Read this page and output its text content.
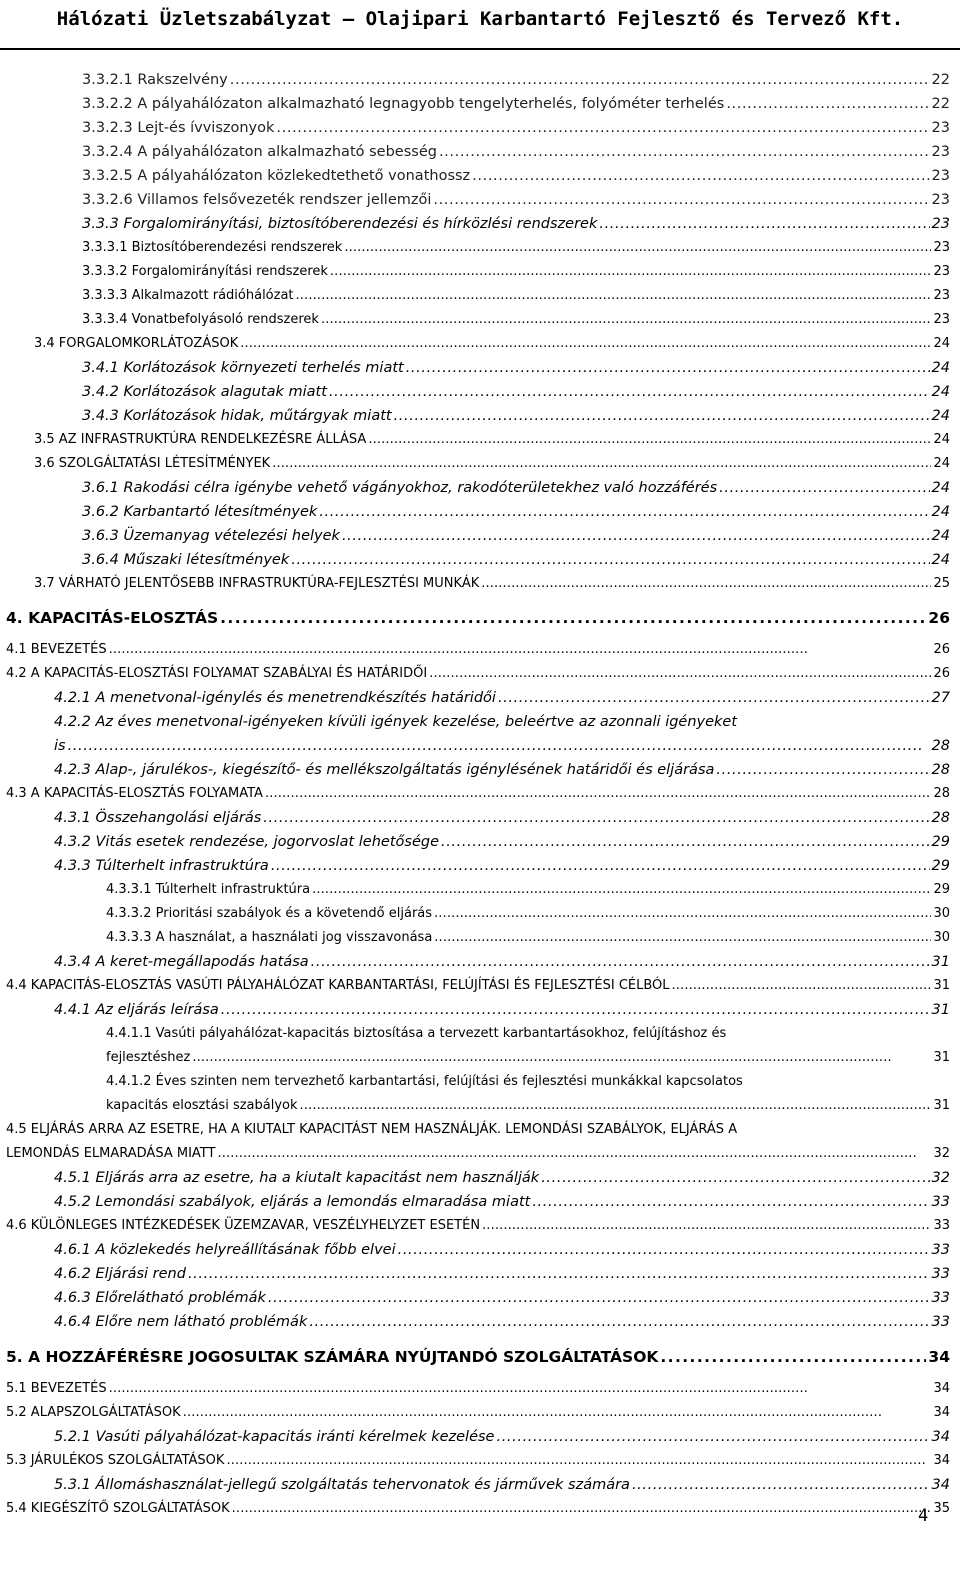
Hálózati Üzletszabályzat – Olajipari Karbantartó Fejlesztő és Tervező Kft.
3.3.2.1 Rakszelvény . . .	22
3.3.2.2 A pályahálózaton alkalmazható legnagyobb tengelyterhelés, folyóméter terhelés . . .	22
3.3.2.3 Lejt-és ívviszonyok . . .	23
3.3.2.4 A pályahálózaton alkalmazható sebesség . . .	23
3.3.2.5 A pályahálózaton közlekedtethető vonathossz . . .	23
3.3.2.6 Villamos felsővezeték rendszer jellemzői . . .	23
3.3.3 Forgalomirányítási, biztosítóberendezési és hírközlési rendszerek . . .	23
3.3.3.1 Biztosítóberendezési rendszerek . . .	23
3.3.3.2 Forgalomirányítási rendszerek . . .	23
3.3.3.3 Alkalmazott rádióhálózat . . .	23
3.3.3.4 Vonatbefolyásoló rendszerek . . .	23
3.4 FORGALOMKORLÁTOZÁSOK . . .	24
3.4.1 Korlátozások környezeti terhelés miatt . . .	24
3.4.2 Korlátozások alagutak miatt . . .	24
3.4.3 Korlátozások hidak, műtárgyak miatt . . .	24
3.5 AZ INFRASTRUKTÚRA RENDELKEZÉSRE ÁLLÁSA . . .	24
3.6 SZOLGÁLTATÁSI LÉTESÍTMÉNYEK . . .	24
3.6.1 Rakodási célra igénybe vehető vágányokhoz, rakodóterületekhez való hozzáférés . . .	24
3.6.2 Karbantartó létesítmények . . .	24
3.6.3 Üzemanyag vételezési helyek . . .	24
3.6.4 Műszaki létesítmények . . .	24
3.7 VÁRHATÓ JELENTŐSEBB INFRASTRUKTÚRA-FEJLESZTÉSI MUNKÁK . . .	25
4. KAPACITÁS-ELOSZTÁS . . .	26
4.1 BEVEZETÉS . . .	26
4.2 A KAPACITÁS-ELOSZTÁSI FOLYAMAT SZABÁLYAI ÉS HATÁRIDŐI . . .	26
4.2.1 A menetvonal-igénylés és menetrendkészítés határidői . . .	27
4.2.2 Az éves menetvonal-igényeken kívüli igények kezelése, beleértve az azonnali igényeket
is . . .	28
4.2.3 Alap-, járulékos-, kiegészítő- és mellékszolgáltatás igénylésének határidői és eljárása . . .	28
4.3 A KAPACITÁS-ELOSZTÁS FOLYAMATA . . .	28
4.3.1 Összehangolási eljárás . . .	28
4.3.2 Vitás esetek rendezése, jogorvoslat lehetősége . . .	29
4.3.3 Túlterhelt infrastruktúra . . .	29
4.3.3.1 Túlterhelt infrastruktúra . . .	29
4.3.3.2 Prioritási szabályok és a követendő eljárás . . .	30
4.3.3.3 A használat, a használati jog visszavonása . . .	30
4.3.4 A keret-megállapodás hatása . . .	31
4.4 KAPACITÁS-ELOSZTÁS VASÚTI PÁLYAHÁLÓZAT KARBANTARTÁSI, FELÚJÍTÁSI ÉS FEJLESZTÉSI CÉLBÓL . . .	31
4.4.1 Az eljárás leírása . . .	31
4.4.1.1 Vasúti pályahálózat-kapacitás biztosítása a tervezett karbantartásokhoz, felújításhoz és
fejlesztéshez . . .	31
4.4.1.2 Éves szinten nem tervezhető karbantartási, felújítási és fejlesztési munkákkal kapcsolatos
kapacitás elosztási szabályok . . .	31
4.5 ELJÁRÁS ARRA AZ ESETRE, HA A KIUTALT KAPACITÁST NEM HASZNÁLJÁK. LEMONDÁSI SZABÁLYOK, ELJÁRÁS A
LEMONDÁS ELMARADÁSA MIATT . . .	32
4.5.1 Eljárás arra az esetre, ha a kiutalt kapacitást nem használják . . .	32
4.5.2 Lemondási szabályok, eljárás a lemondás elmaradása miatt . . .	33
4.6 KÜLÖNLEGES INTÉZKEDÉSEK ÜZEMZAVAR, VESZÉLYHELYZET ESETÉN . . .	33
4.6.1 A közlekedés helyreállításának főbb elvei . . .	33
4.6.2 Eljárási rend . . .	33
4.6.3 Előrelátható problémák . . .	33
4.6.4 Előre nem látható problémák . . .	33
5. A HOZZÁFÉRÉSRE JOGOSULTAK SZÁMÁRA NYÚJTANDÓ SZOLGÁLTATÁSOK . . .	34
5.1 BEVEZETÉS . . .	34
5.2 ALAPSZOLGÁLTATÁSOK . . .	34
5.2.1 Vasúti pályahálózat-kapacitás iránti kérelmek kezelése . . .	34
5.3 JÁRULÉKOS SZOLGÁLTATÁSOK . . .	34
5.3.1 Állomáshasználat-jellegű szolgáltatás tehervonatok és járművek számára . . .	34
5.4 KIEGÉSZÍTŐ SZOLGÁLTATÁSOK . . .	35
4
